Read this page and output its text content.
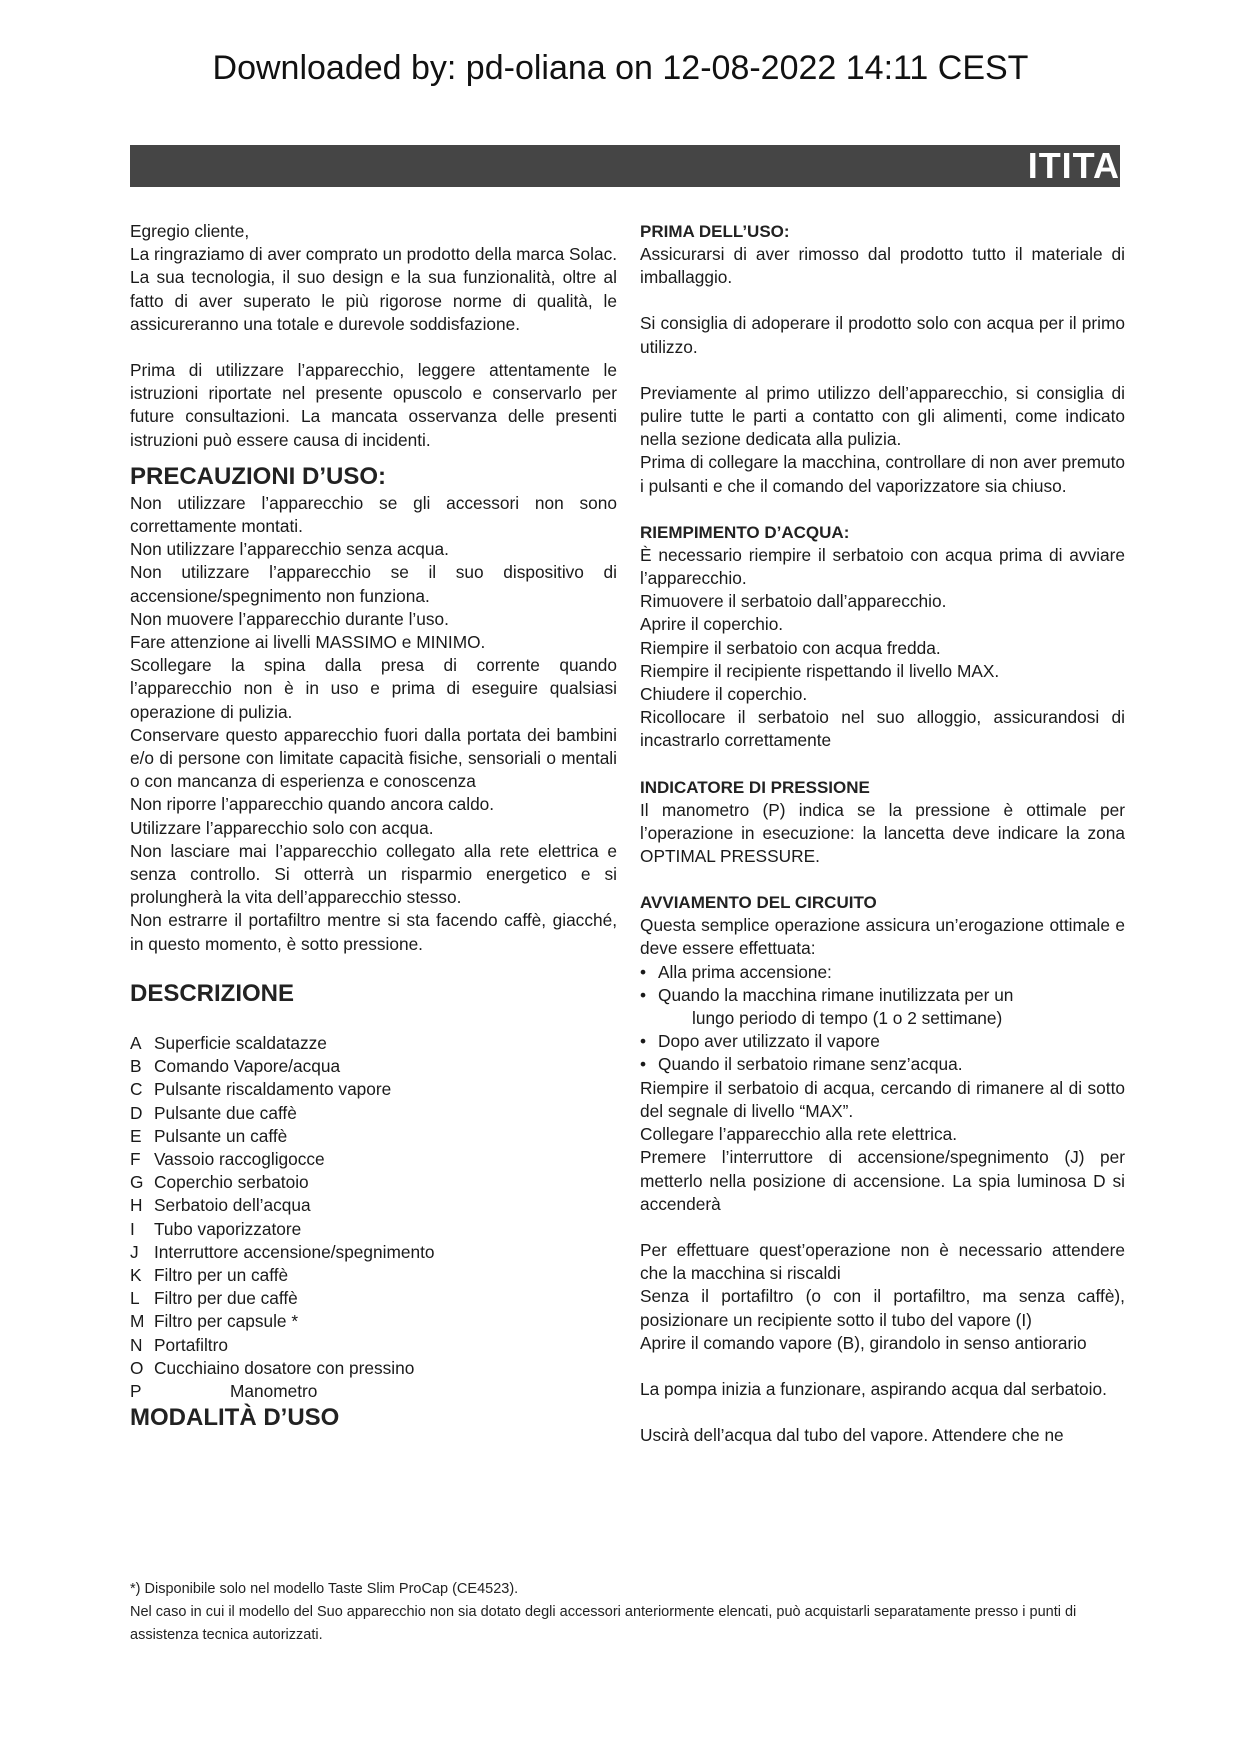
Downloaded by: pd-oliana on 12-08-2022 14:11 CEST
ITITA

Egregio cliente,

La ringraziamo di aver comprato un prodotto della marca Solac.

La sua tecnologia, il suo design e la sua funzionalità, oltre al fatto di aver superato le più rigorose norme di qualità, le assicureranno una totale e durevole soddisfazione.

Prima di utilizzare l’apparecchio, leggere attentamente le istruzioni riportate nel presente opuscolo e conservarlo per future consultazioni. La mancata osservanza delle presenti istruzioni può essere causa di incidenti.

PRECAUZIONI D’USO:

Non utilizzare l’apparecchio se gli accessori non sono correttamente montati.

Non utilizzare l’apparecchio senza acqua.

Non utilizzare l’apparecchio se il suo dispositivo di accensione/spegnimento non funziona.

Non muovere l’apparecchio durante l’uso.

Fare attenzione ai livelli MASSIMO e MINIMO.

Scollegare la spina dalla presa di corrente quando l’apparecchio non è in uso e prima di eseguire qualsiasi operazione di pulizia.

Conservare questo apparecchio fuori dalla portata dei bambini e/o di persone con limitate capacità fisiche, sensoriali o mentali o con mancanza di esperienza e conoscenza

Non riporre l’apparecchio quando ancora caldo.

Utilizzare l’apparecchio solo con acqua.

Non lasciare mai l’apparecchio collegato alla rete elettrica e senza controllo. Si otterrà un risparmio energetico e si prolungherà la vita dell’apparecchio stesso.

Non estrarre il portafiltro mentre si sta facendo caffè, giacché, in questo momento, è sotto pressione.

DESCRIZIONE
A Superficie scaldatazze
B Comando Vapore/acqua
C Pulsante riscaldamento vapore
D Pulsante due caffè
E Pulsante un caffè
F Vassoio raccogligocce
G Coperchio serbatoio
H Serbatoio dell’acqua
I	Tubo vaporizzatore
J Interruttore accensione/spegnimento
K Filtro per un caffè
L Filtro per due caffè
M Filtro per capsule *
N Portafiltro
O Cucchiaino dosatore con pressino
P	Manometro
MODALITÀ D’USO
PRIMA DELL’USO:

Assicurarsi di aver rimosso dal prodotto tutto il materiale di imballaggio.

Si consiglia di adoperare il prodotto solo con acqua per il primo utilizzo.

Previamente al primo utilizzo dell’apparecchio, si consiglia di pulire tutte le parti a contatto con gli alimenti, come indicato nella sezione dedicata alla pulizia.

Prima di collegare la macchina, controllare di non aver premuto i pulsanti e che il comando del vaporizzatore sia chiuso.

RIEMPIMENTO D’ACQUA:

È necessario riempire il serbatoio con acqua prima di avviare l’apparecchio.

Rimuovere il serbatoio dall’apparecchio.

Aprire il coperchio.

Riempire il serbatoio con acqua fredda.

Riempire il recipiente rispettando il livello MAX.

Chiudere il coperchio.

Ricollocare il serbatoio nel suo alloggio, assicurandosi di incastrarlo correttamente

INDICATORE DI PRESSIONE

Il manometro (P) indica se la pressione è ottimale per l’operazione in esecuzione: la lancetta deve indicare la zona OPTIMAL PRESSURE.

AVVIAMENTO DEL CIRCUITO

Questa semplice operazione assicura un’erogazione ottimale e deve essere effettuata:

• Alla prima accensione:

• Quando la macchina rimane inutilizzata per un

lungo periodo di tempo (1 o 2 settimane)

• Dopo aver utilizzato il vapore

• Quando il serbatoio rimane senz’acqua.

Riempire il serbatoio di acqua, cercando di rimanere al di sotto del segnale di livello “MAX”.

Collegare l’apparecchio alla rete elettrica.

Premere l’interruttore di accensione/spegnimento (J) per metterlo nella posizione di accensione. La spia luminosa D si accenderà

Per effettuare quest’operazione non è necessario attendere che la macchina si riscaldi

Senza il portafiltro (o con il portafiltro, ma senza caffè), posizionare un recipiente sotto il tubo del vapore (I)

Aprire il comando vapore (B), girandolo in senso antiorario

La pompa inizia a funzionare, aspirando acqua dal serbatoio.

Uscirà dell’acqua dal tubo del vapore. Attendere che ne

*) Disponibile solo nel modello Taste Slim ProCap (CE4523).

Nel caso in cui il modello del Suo apparecchio non sia dotato degli accessori anteriormente elencati, può acquistarli separatamente presso i punti di assistenza tecnica autorizzati.
